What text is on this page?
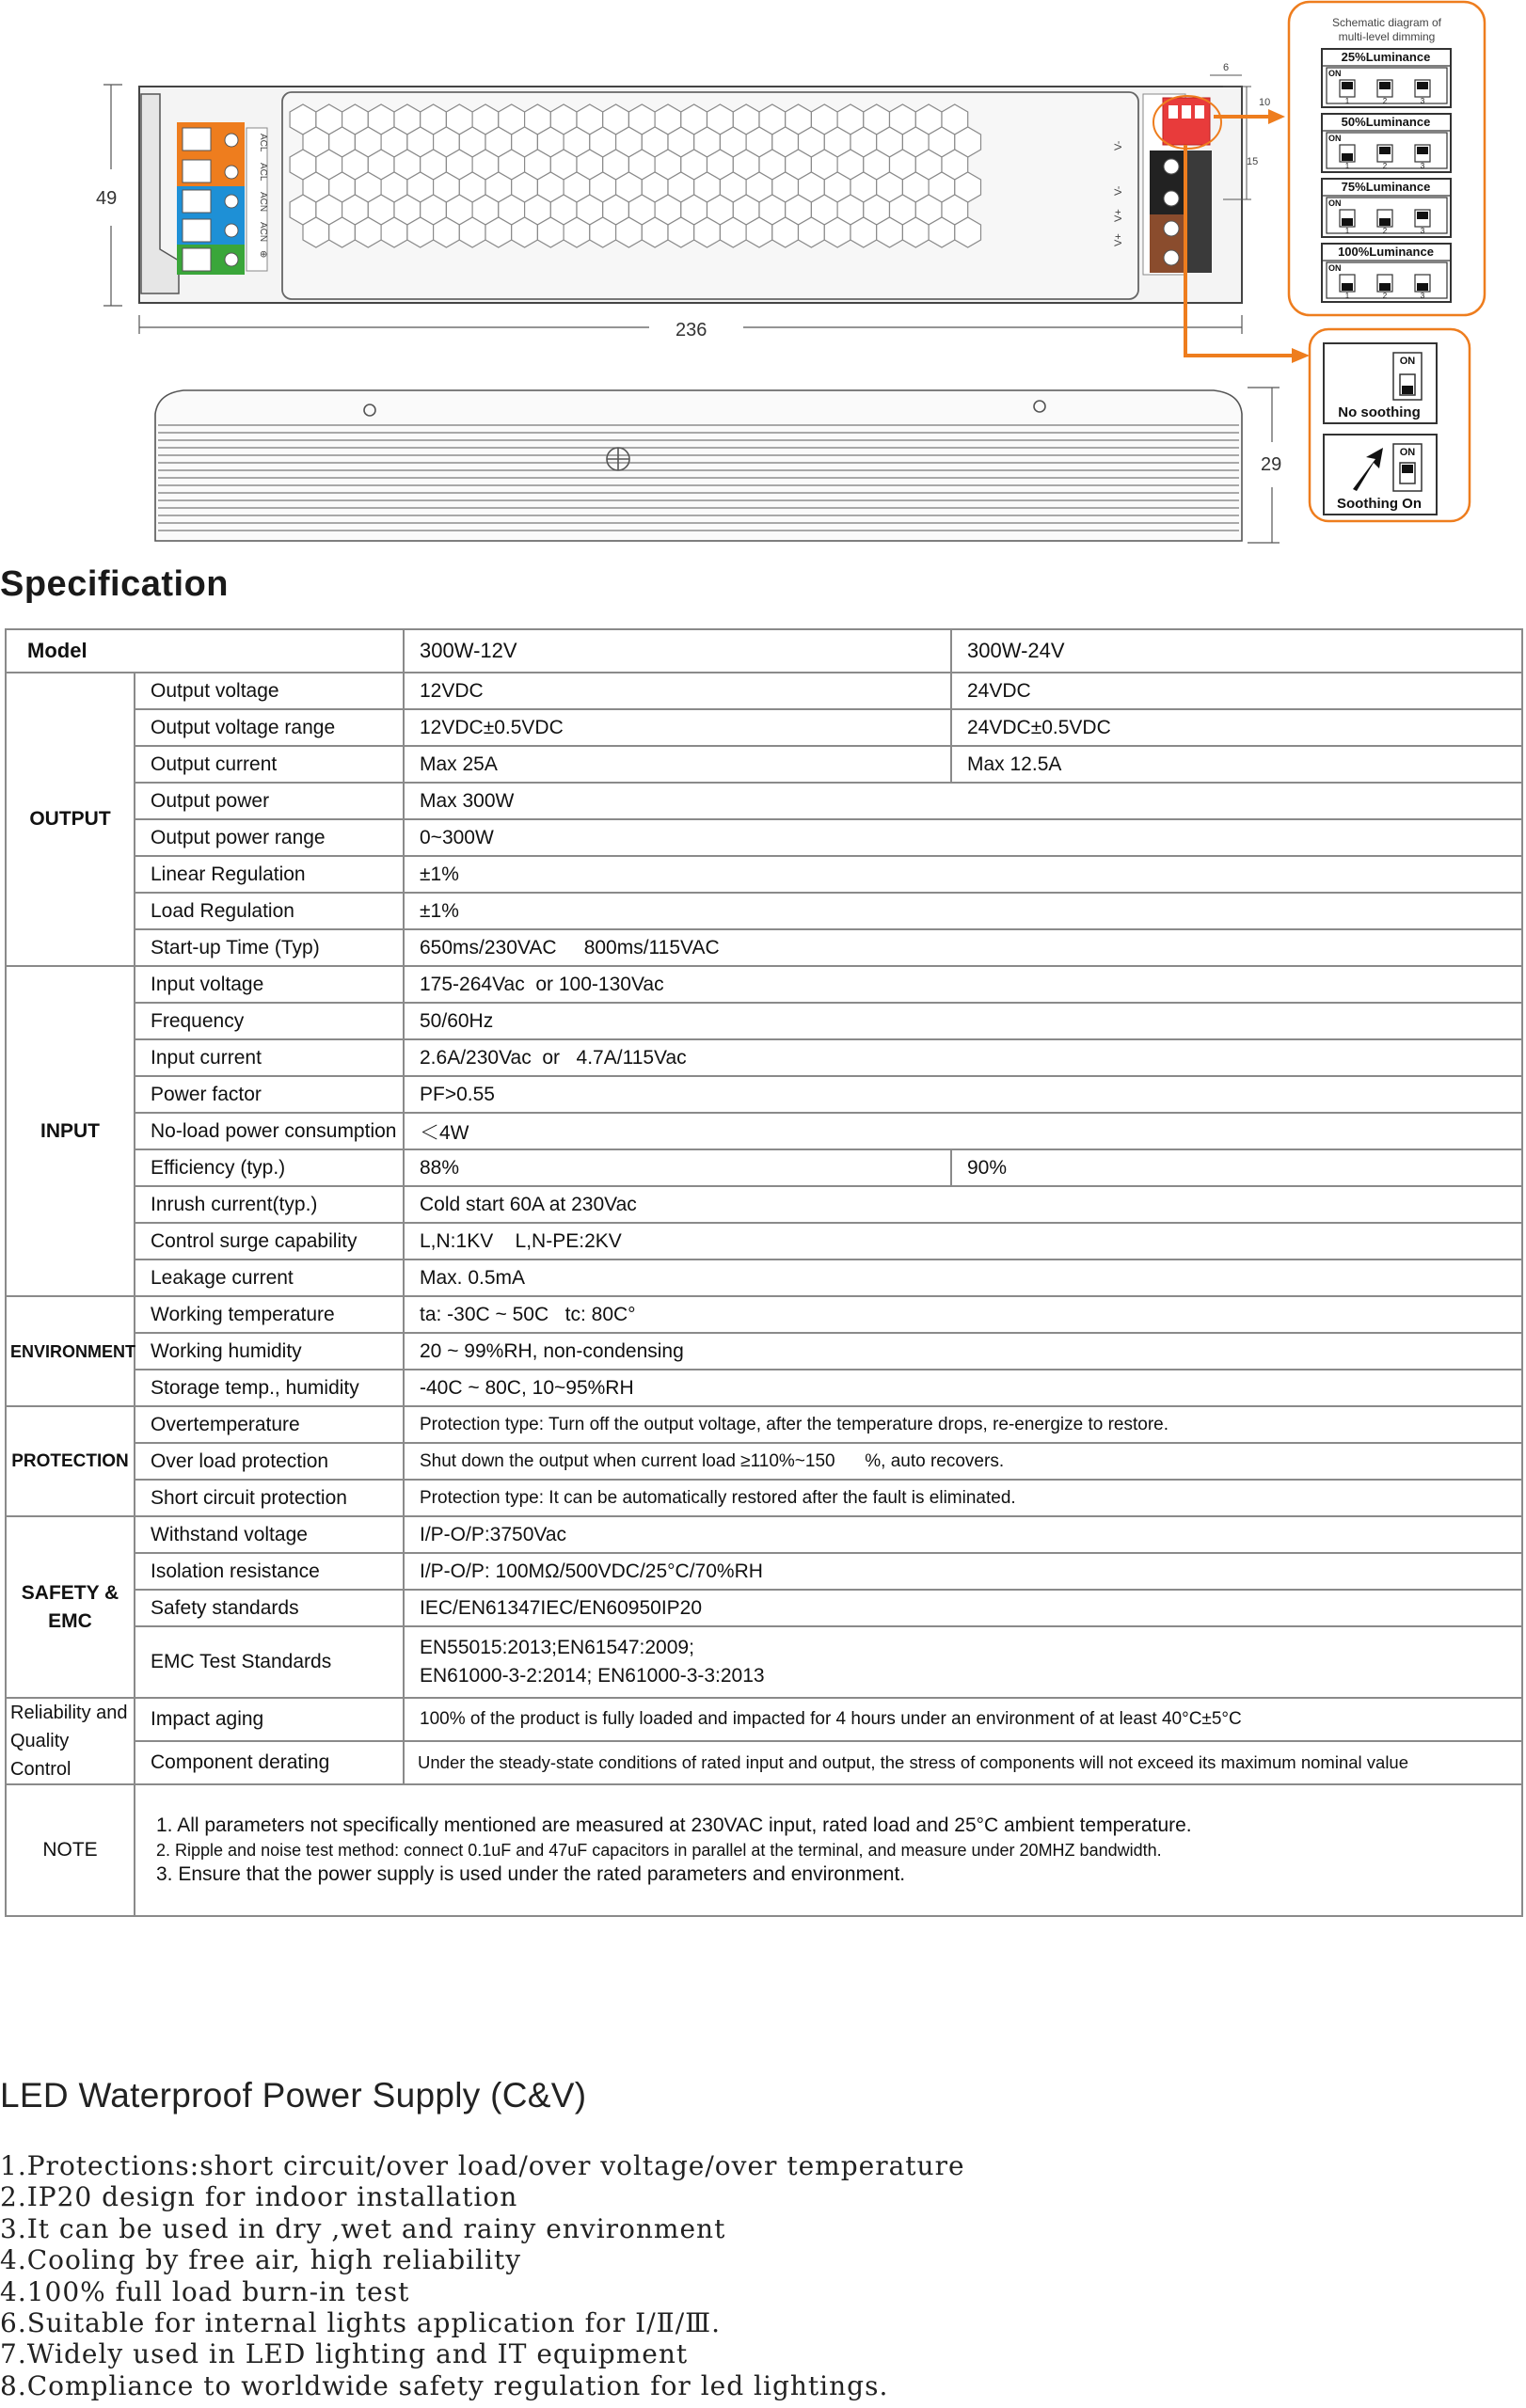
49
ACL
ACL
ACN
ACN
⊕
V-
V-
V+
V+
6
10
15
236
29
Schematic diagram of
multi-level dimming
25%Luminance
ON
1	2	3
50%Luminance
ON
1	2	3
75%Luminance
ON
1	2	3
100%Luminance
ON
1	2	3
ON
No soothing
ON
Soothing On
Specification
Model		300W-12V	300W-24V
OUTPUT	Output voltage	12VDC	24VDC
	Output voltage range	12VDC±0.5VDC	24VDC±0.5VDC
	Output current	Max 25A	Max 12.5A
	Output power	Max 300W	
	Output power range	0~300W	
	Linear Regulation	±1%	
	Load Regulation	±1%	
	Start-up Time (Typ)	650ms/230VAC     800ms/115VAC	
INPUT	Input voltage	175-264Vac  or 100-130Vac	
	Frequency	50/60Hz	
	Input current	2.6A/230Vac  or   4.7A/115Vac	
	Power factor	PF>0.55	
	No-load power consumption	＜4W	
	Efficiency (typ.)	88%	90%
	Inrush current(typ.)	Cold start 60A at 230Vac	
	Control surge capability	L,N:1KV    L,N-PE:2KV	
	Leakage current	Max. 0.5mA	
ENVIRONMENT	Working temperature	ta: -30C ~ 50C   tc: 80C°	
	Working humidity	20 ~ 99%RH, non-condensing	
	Storage temp., humidity	-40C ~ 80C, 10~95%RH	
PROTECTION	Overtemperature	Protection type: Turn off the output voltage, after the temperature drops, re-energize to restore.	
	Over load protection	Shut down the output when current load ≥110%~150      %, auto recovers.	
	Short circuit protection	Protection type: It can be automatically restored after the fault is eliminated.	
SAFETY &
EMC	Withstand voltage	I/P-O/P:3750Vac	
	Isolation resistance	I/P-O/P: 100MΩ/500VDC/25°C/70%RH	
	Safety standards	IEC/EN61347IEC/EN60950IP20	
	EMC Test Standards	EN55015:2013;EN61547:2009;
EN61000-3-2:2014; EN61000-3-3:2013	

Reliability and Quality Control	Impact aging	100% of the product is fully loaded and impacted for 4 hours under an environment of at least 40°C±5°C	
	Component derating	Under the steady-state conditions of rated input and output, the stress of components will not exceed its maximum nominal value	
NOTE	1. All parameters not specifically mentioned are measured at 230VAC input, rated load and 25°C ambient temperature.
2. Ripple and noise test method: connect 0.1uF and 47uF capacitors in parallel at the terminal, and measure under 20MHZ bandwidth.
3. Ensure that the power supply is used under the rated parameters and environment.		
LED Waterproof Power Supply (C&V)
1.Protections:short circuit/over load/over voltage/over temperature
2.IP20 design for indoor installation
3.It can be used in dry ,wet and rainy environment
4.Cooling by free air, high reliability
4.100% full load burn-in test
6.Suitable for internal lights application for Ⅰ/Ⅱ/Ⅲ.
7.Widely used in LED lighting and IT equipment
8.Compliance to worldwide safety regulation for led lightings.
